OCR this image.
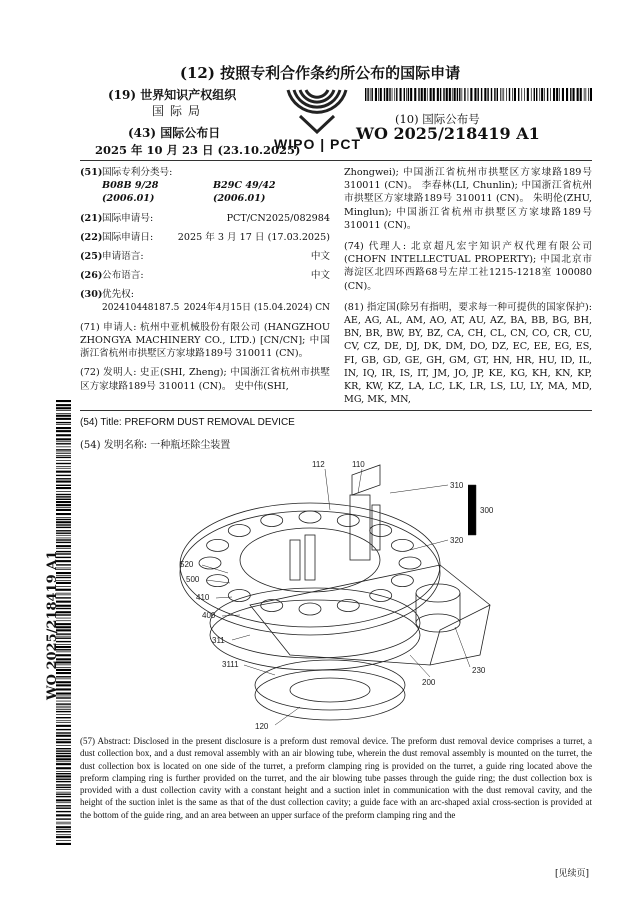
(12) 按照专利合作条约所公布的国际申请
(19) 世界知识产权组织
国际局
(43) 国际公布日
2025 年 10 月 23 日 (23.10.2025)
WIPO | PCT
(10) 国际公布号
WO 2025/218419 A1
(51)国际专利分类号:
B08B 9/28 (2006.01)
B29C 49/42 (2006.01)
(21)国际申请号:	PCT/CN2025/082984
(22)国际申请日:	2025 年 3 月 17 日 (17.03.2025)
(25)申请语言:	中文
(26)公布语言:	中文
(30)优先权:
202410448187.5 2024年4月15日 (15.04.2024) CN
(71) 申请人: 杭州中亚机械股份有限公司 (HANGZHOU ZHONGYA MACHINERY CO., LTD.) [CN/CN]; 中国浙江省杭州市拱墅区方家埭路189号 310011 (CN)。
(72) 发明人: 史正(SHI, Zheng); 中国浙江省杭州市拱墅区方家埭路189号 310011 (CN)。 史中伟(SHI,
Zhongwei); 中国浙江省杭州市拱墅区方家埭路189号 310011 (CN)。 李春林(LI, Chunlin); 中国浙江省杭州市拱墅区方家埭路189号 310011 (CN)。 朱明伦(ZHU, Minglun); 中国浙江省杭州市拱墅区方家埭路189号 310011 (CN)。
(74) 代理人: 北京超凡宏宇知识产权代理有限公司(CHOFN INTELLECTUAL PROPERTY); 中国北京市海淀区北四环西路68号左岸工社1215-1218室 100080 (CN)。
(81) 指定国(除另有指明，要求每一种可提供的国家保护): AE, AG, AL, AM, AO, AT, AU, AZ, BA, BB, BG, BH, BN, BR, BW, BY, BZ, CA, CH, CL, CN, CO, CR, CU, CV, CZ, DE, DJ, DK, DM, DO, DZ, EC, EE, EG, ES, FI, GB, GD, GE, GH, GM, GT, HN, HR, HU, ID, IL, IN, IQ, IR, IS, IT, JM, JO, JP, KE, KG, KH, KN, KP, KR, KW, KZ, LA, LC, LK, LR, LS, LU, LY, MA, MD, MG, MK, MN,
WO 2025/218419 A1
(54) Title: PREFORM DUST REMOVAL DEVICE
(54) 发明名称: 一种瓶坯除尘装置
112	110
310
300
320
520
500
410
400
311
3111
120
200
230
(57) Abstract: Disclosed in the present disclosure is a preform dust removal device. The preform dust removal device comprises a turret, a dust collection box, and a dust removal assembly with an air blowing tube, wherein the dust removal assembly is mounted on the turret, the dust collection box is located on one side of the turret, a preform clamping ring is provided on the turret, a guide ring located above the preform clamping ring is further provided on the turret, and the air blowing tube passes through the guide ring; the dust collection box is provided with a dust collection cavity with a constant height and a suction inlet in communication with the dust removal cavity, and the height of the suction inlet is the same as that of the dust collection cavity; a guide face with an arc-shaped axial cross-section is provided at the bottom of the guide ring, and an area between an upper surface of the preform clamping ring and the
[见续页]
